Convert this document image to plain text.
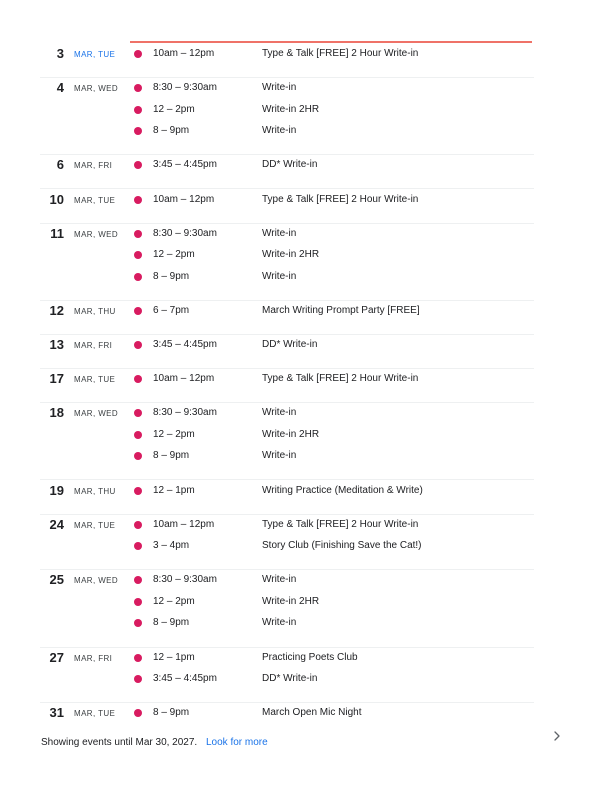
3 MAR, TUE	10am – 12pm	Type & Talk [FREE] 2 Hour Write-in
4 MAR, WED	8:30 – 9:30am	Write-in
12 – 2pm	Write-in 2HR
8 – 9pm	Write-in
6 MAR, FRI	3:45 – 4:45pm	DD* Write-in
10 MAR, TUE	10am – 12pm	Type & Talk [FREE] 2 Hour Write-in
11 MAR, WED	8:30 – 9:30am	Write-in
12 – 2pm	Write-in 2HR
8 – 9pm	Write-in
12 MAR, THU	6 – 7pm	March Writing Prompt Party [FREE]
13 MAR, FRI	3:45 – 4:45pm	DD* Write-in
17 MAR, TUE	10am – 12pm	Type & Talk [FREE] 2 Hour Write-in
18 MAR, WED	8:30 – 9:30am	Write-in
12 – 2pm	Write-in 2HR
8 – 9pm	Write-in
19 MAR, THU	12 – 1pm	Writing Practice (Meditation & Write)
24 MAR, TUE	10am – 12pm	Type & Talk [FREE] 2 Hour Write-in
3 – 4pm	Story Club (Finishing Save the Cat!)
25 MAR, WED	8:30 – 9:30am	Write-in
12 – 2pm	Write-in 2HR
8 – 9pm	Write-in
27 MAR, FRI	12 – 1pm	Practicing Poets Club
3:45 – 4:45pm	DD* Write-in
31 MAR, TUE	8 – 9pm	March Open Mic Night
Showing events until Mar 30, 2027. Look for more
